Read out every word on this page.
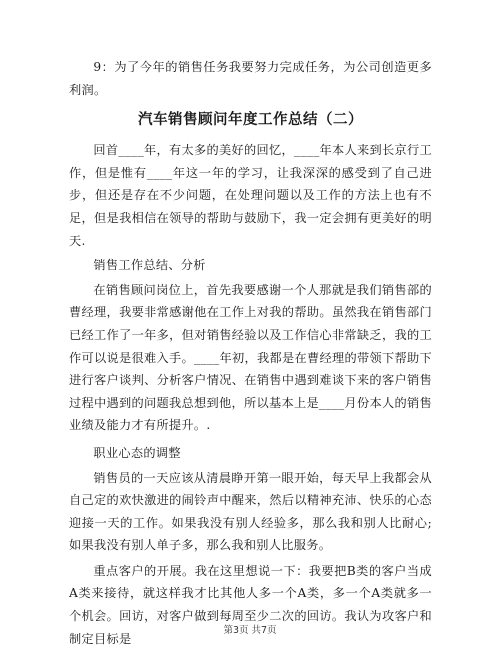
9：为了今年的销售任务我要努力完成任务，为公司创造更多利润。

汽车销售顾问年度工作总结（二）

回首____年，有太多的美好的回忆，____年本人来到长京行工作，但是惟有____年这一年的学习，让我深深的感受到了自己进步，但还是存在不少问题，在处理问题以及工作的方法上也有不足，但是我相信在领导的帮助与鼓励下，我一定会拥有更美好的明天.

销售工作总结、分析

在销售顾问岗位上，首先我要感谢一个人那就是我们销售部的曹经理，我要非常感谢他在工作上对我的帮助。虽然我在销售部门已经工作了一年多，但对销售经验以及工作信心非常缺乏，我的工作可以说是很难入手。____年初，我都是在曹经理的带领下帮助下进行客户谈判、分析客户情况、在销售中遇到难谈下来的客户销售过程中遇到的问题我总想到他，所以基本上是____月份本人的销售业绩及能力才有所提升。.

职业心态的调整

销售员的一天应该从清晨睁开第一眼开始，每天早上我都会从自己定的欢快激进的闹铃声中醒来，然后以精神充沛、快乐的心态迎接一天的工作。如果我没有别人经验多，那么我和别人比耐心;如果我没有别人单子多，那么我和别人比服务。

重点客户的开展。我在这里想说一下：我要把B类的客户当成A类来接待，就这样我才比其他人多一个A类，多一个A类就多一个机会。回访，对客户做到每周至少二次的回访。我认为攻客户和制定目标是

第3页 共7页
